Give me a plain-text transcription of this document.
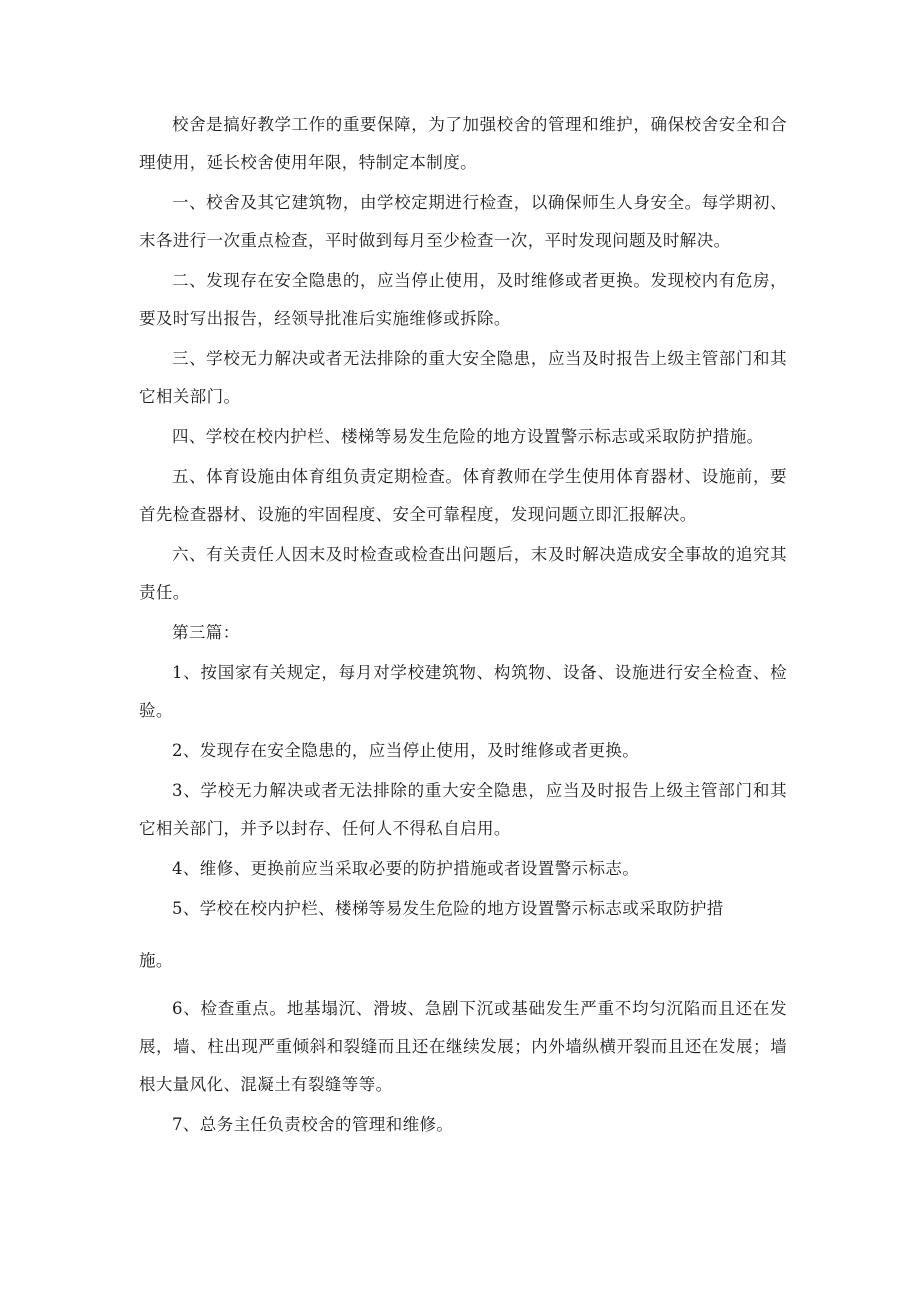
校舍是搞好教学工作的重要保障，为了加强校舍的管理和维护，确保校舍安全和合理使用，延长校舍使用年限，特制定本制度。

一、校舍及其它建筑物，由学校定期进行检查，以确保师生人身安全。每学期初、末各进行一次重点检查，平时做到每月至少检查一次，平时发现问题及时解决。

二、发现存在安全隐患的，应当停止使用，及时维修或者更换。发现校内有危房，要及时写出报告，经领导批准后实施维修或拆除。

三、学校无力解决或者无法排除的重大安全隐患，应当及时报告上级主管部门和其它相关部门。

四、学校在校内护栏、楼梯等易发生危险的地方设置警示标志或采取防护措施。

五、体育设施由体育组负责定期检查。体育教师在学生使用体育器材、设施前，要首先检查器材、设施的牢固程度、安全可靠程度，发现问题立即汇报解决。

六、有关责任人因末及时检查或检查出问题后，末及时解决造成安全事故的追究其责任。

第三篇：

1、按国家有关规定，每月对学校建筑物、构筑物、设备、设施进行安全检查、检验。

2、发现存在安全隐患的，应当停止使用，及时维修或者更换。

3、学校无力解决或者无法排除的重大安全隐患，应当及时报告上级主管部门和其它相关部门，并予以封存、任何人不得私自启用。

4、维修、更换前应当采取必要的防护措施或者设置警示标志。

5、学校在校内护栏、楼梯等易发生危险的地方设置警示标志或采取防护措

施。

6、检查重点。地基塌沉、滑坡、急剧下沉或基础发生严重不均匀沉陷而且还在发展，墙、柱出现严重倾斜和裂缝而且还在继续发展；内外墙纵横开裂而且还在发展；墙根大量风化、混凝土有裂缝等等。

7、总务主任负责校舍的管理和维修。
